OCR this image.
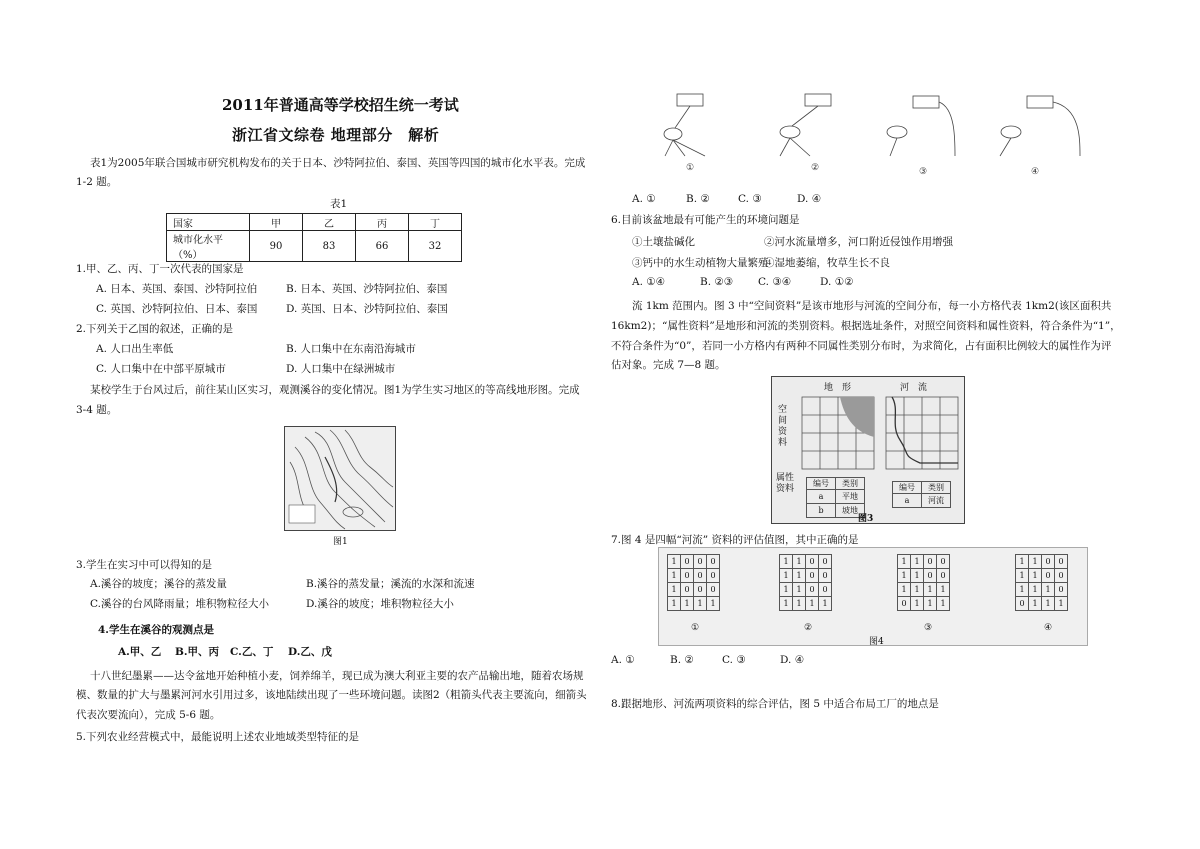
2011年普通高等学校招生统一考试
浙江省文综卷 地理部分　解析
表1为2005年联合国城市研究机构发布的关于日本、沙特阿拉伯、泰国、英国等四国的城市化水平表。完成
1-2 题。
表1
国家	甲	乙	丙	丁
城市化水平（%）	90	83	66	32
1.甲、乙、丙、丁一次代表的国家是
A. 日本、英国、泰国、沙特阿拉伯	B. 日本、英国、沙特阿拉伯、泰国
C. 英国、沙特阿拉伯、日本、泰国	D. 英国、日本、沙特阿拉伯、泰国
2.下列关于乙国的叙述，正确的是
A. 人口出生率低	B. 人口集中在东南沿海城市
C. 人口集中在中部平原城市	D. 人口集中在绿洲城市
某校学生于台风过后，前往某山区实习，观测溪谷的变化情况。图1为学生实习地区的等高线地形图。完成
3-4 题。
图1
3.学生在实习中可以得知的是
A.溪谷的坡度；溪谷的蒸发量	B.溪谷的蒸发量；溪流的水深和流速
C.溪谷的台风降雨量；堆积物粒径大小	D.溪谷的坡度；堆积物粒径大小
4.学生在溪谷的观测点是
A.甲、乙 B.甲、丙 C.乙、丁 D.乙、戊
十八世纪墨累——达令盆地开始种植小麦，饲养绵羊，现已成为澳大利亚主要的农产品输出地，随着农场规
模、数量的扩大与墨累河河水引用过多，该地陆续出现了一些环境问题。读图2（粗箭头代表主要流向，细箭头
代表次要流向），完成 5-6 题。
5.下列农业经营模式中，最能说明上述农业地域类型特征的是
①	②	③	④
A. ①	B. ②	C. ③	D. ④
6.目前该盆地最有可能产生的环境问题是
①土壤盐碱化	②河水流量增多，河口附近侵蚀作用增强
③钙中的水生动植物大量繁殖
④湿地萎缩，牧草生长不良
A. ①④	B. ②③ C. ③④	D. ①②
流 1km 范围内。图 3 中“空间资料”是该市地形与河流的空间分布，每一小方格代表 1km2(该区面积共
16km2)；“属性资料”是地形和河流的类别资料。根据选址条件，对照空间资料和属性资料，符合条件为“1”，
不符合条件为“0”，若同一小方格内有两种不同属性类别分布时，为求简化，占有面积比例较大的属性作为评
估对象。完成 7—8 题。
地　形	河　流
空间资料
属性资料
编号	类别
a	平地
b	坡地
编号	类别
a	河流
图3
7.图 4 是四幅“河流” 资料的评估值图，其中正确的是
1	0	0	0
1	0	0	0
1	0	0	0
1	1	1	1
1	1	0	0
1	1	0	0
1	1	0	0
1	1	1	1
1	1	0	0
1	1	0	0
1	1	1	1
0	1	1	1
1	1	0	0
1	1	0	0
1	1	1	0
0	1	1	1
①	②	③	④
图4
A. ①	B. ②	C. ③	D. ④
8.跟据地形、河流两项资料的综合评估，图 5 中适合布局工厂的地点是
